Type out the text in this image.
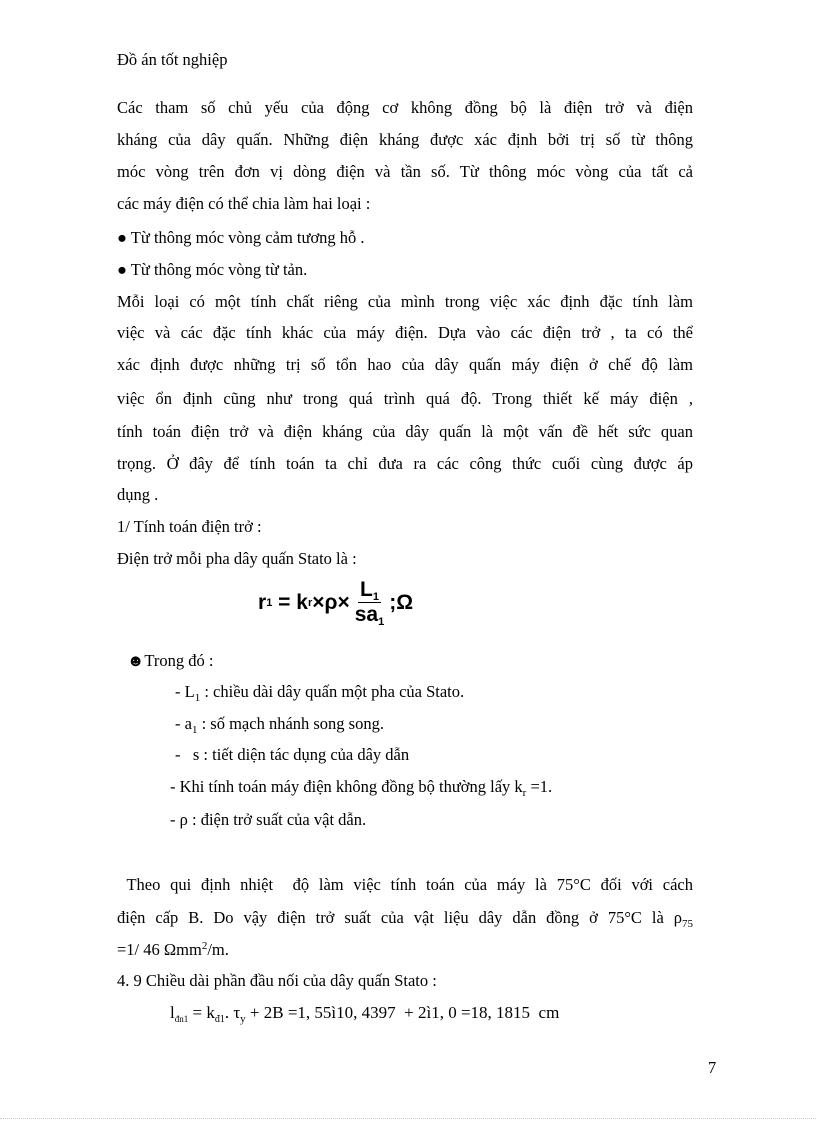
Đồ án tốt nghiệp
Các tham số chủ yếu của động cơ không đồng bộ là điện trở và điện
kháng của dây quấn. Những điện kháng được xác định bởi trị số từ thông
móc vòng trên đơn vị dòng điện và tần số. Từ thông móc vòng của tất cả
các máy điện có thể chia làm hai loại :
● Từ thông móc vòng cảm tương hỗ .
● Từ thông móc vòng từ tản.
Mỗi loại có một tính chất riêng của mình trong việc xác định đặc tính làm
việc và các đặc tính khác của máy điện. Dựa vào các điện trở , ta có thể
xác định được những trị số tổn hao của dây quấn máy điện ở chế độ làm
việc ổn định cũng như trong quá trình quá độ. Trong thiết kế máy điện ,
tính toán điện trở và điện kháng của dây quấn là một vấn đề hết sức quan
trọng. Ở đây để tính toán ta chỉ đưa ra các công thức cuối cùng được áp
dụng .
1/ Tính toán điện trở :
Điện trở mỗi pha dây quấn Stato là :
r 1 = k $r \times\rho\times \frac{L_1}{sa_1}$ ;Ω
☻Trong đó :
- $L_1$ : chiều dài dây quấn một pha của Stato.
- $a_1$ : số mạch nhánh song song.
-   s : tiết diện tác dụng của dây dẫn
- Khi tính toán máy điện không đồng bộ thường lấy $k_r =1$.
- ρ : điện trở suất của vật dẫn.
Theo qui định nhiệt  độ làm việc tính toán của máy là 75°C đối với cách
điện cấp B. Do vậy điện trở suất của vật liệu dây dẫn đồng ở 75°C là $\rho_{75}$
=1/ 46 Ωmm$^2$/m.
4. 9 Chiều dài phần đầu nối của dây quấn Stato :
$l_{đn1} = k_{đ1}$. $\tau_y + 2B =1$, 55ì10, 4397  + 2ì1, 0 =18, 1815  cm
7
